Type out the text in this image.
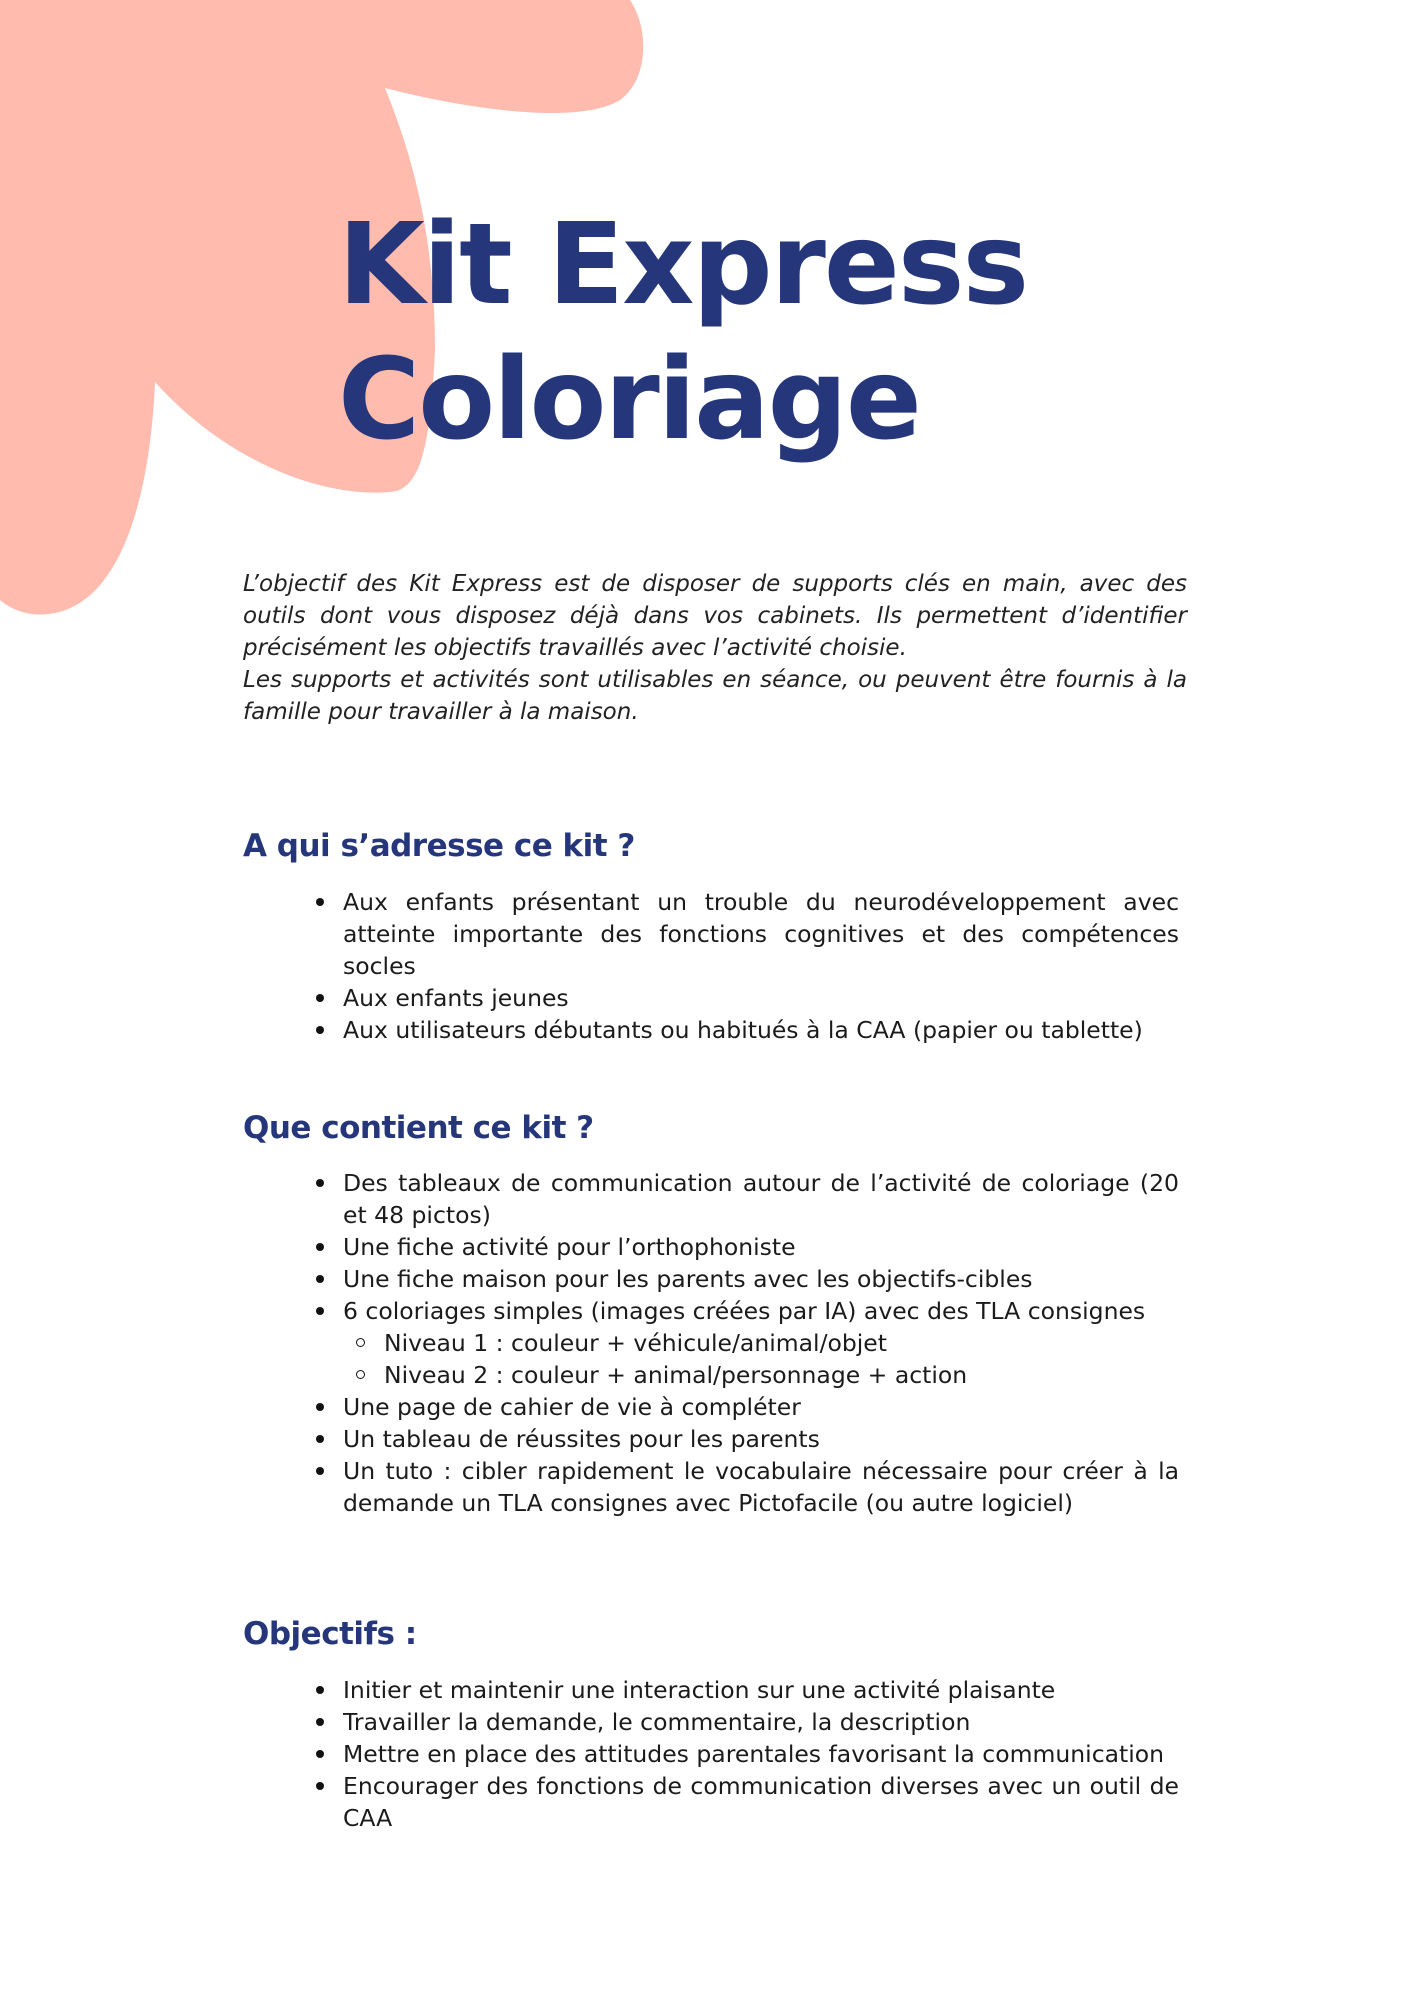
Kit Express
Coloriage

L’objectif des Kit Express est de disposer de supports clés en main, avec des outils dont vous disposez déjà dans vos cabinets. Ils permettent d’identifier précisément les objectifs travaillés avec l’activité choisie.

Les supports et activités sont utilisables en séance, ou peuvent être fournis à la famille pour travailler à la maison.

A qui s’adresse ce kit ?
Aux enfants présentant un trouble du neurodéveloppement avec atteinte importante des fonctions cognitives et des compétences socles
Aux enfants jeunes
Aux utilisateurs débutants ou habitués à la CAA (papier ou tablette)
Que contient ce kit ?
Des tableaux de communication autour de l’activité de coloriage (20 et 48 pictos)
Une fiche activité pour l’orthophoniste
Une fiche maison pour les parents avec les objectifs-cibles
6 coloriages simples (images créées par IA) avec des TLA consignes
Niveau 1 : couleur + véhicule/animal/objet
Niveau 2 : couleur + animal/personnage + action
Une page de cahier de vie à compléter
Un tableau de réussites pour les parents
Un tuto : cibler rapidement le vocabulaire nécessaire pour créer à la demande un TLA consignes avec Pictofacile (ou autre logiciel)
Objectifs :
Initier et maintenir une interaction sur une activité plaisante
Travailler la demande, le commentaire, la description
Mettre en place des attitudes parentales favorisant la communication
Encourager des fonctions de communication diverses avec un outil de CAA
